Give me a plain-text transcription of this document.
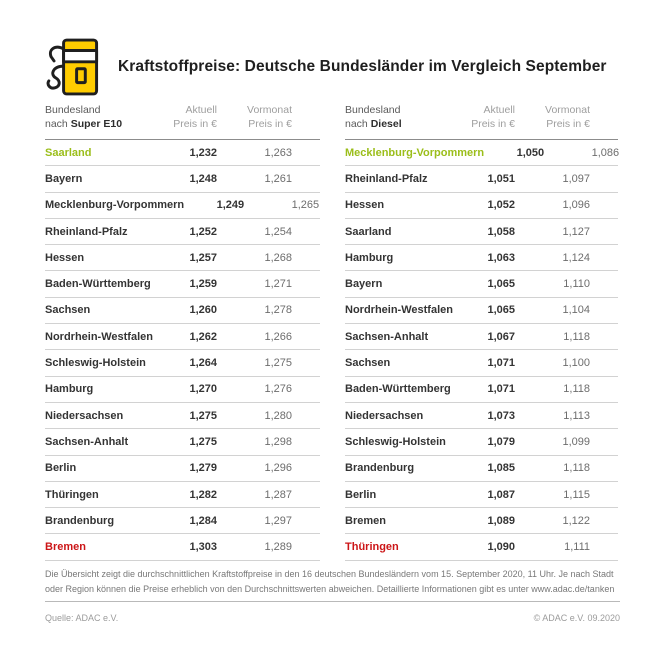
Kraftstoffpreise: Deutsche Bundesländer im Vergleich September
Bundesland
nach Super E10
Aktuell
Preis in €
Vormonat
Preis in €
Saarland	1,232	1,263
Bayern	1,248	1,261
Mecklenburg-Vorpommern	1,249	1,265
Rheinland-Pfalz	1,252	1,254
Hessen	1,257	1,268
Baden-Württemberg	1,259	1,271
Sachsen	1,260	1,278
Nordrhein-Westfalen	1,262	1,266
Schleswig-Holstein	1,264	1,275
Hamburg	1,270	1,276
Niedersachsen	1,275	1,280
Sachsen-Anhalt	1,275	1,298
Berlin	1,279	1,296
Thüringen	1,282	1,287
Brandenburg	1,284	1,297
Bremen	1,303	1,289
Bundesland
nach Diesel
Aktuell
Preis in €
Vormonat
Preis in €
Mecklenburg-Vorpommern	1,050	1,086
Rheinland-Pfalz	1,051	1,097
Hessen	1,052	1,096
Saarland	1,058	1,127
Hamburg	1,063	1,124
Bayern	1,065	1,110
Nordrhein-Westfalen	1,065	1,104
Sachsen-Anhalt	1,067	1,118
Sachsen	1,071	1,100
Baden-Württemberg	1,071	1,118
Niedersachsen	1,073	1,113
Schleswig-Holstein	1,079	1,099
Brandenburg	1,085	1,118
Berlin	1,087	1,115
Bremen	1,089	1,122
Thüringen	1,090	1,111
Die Übersicht zeigt die durchschnittlichen Kraftstoffpreise in den 16 deutschen Bundesländern vom 15. September 2020, 11 Uhr. Je nach Stadt oder Region können die Preise erheblich von den Durchschnittswerten abweichen. Detaillierte Informationen gibt es unter www.adac.de/tanken
Quelle: ADAC e.V.	© ADAC e.V. 09.2020
